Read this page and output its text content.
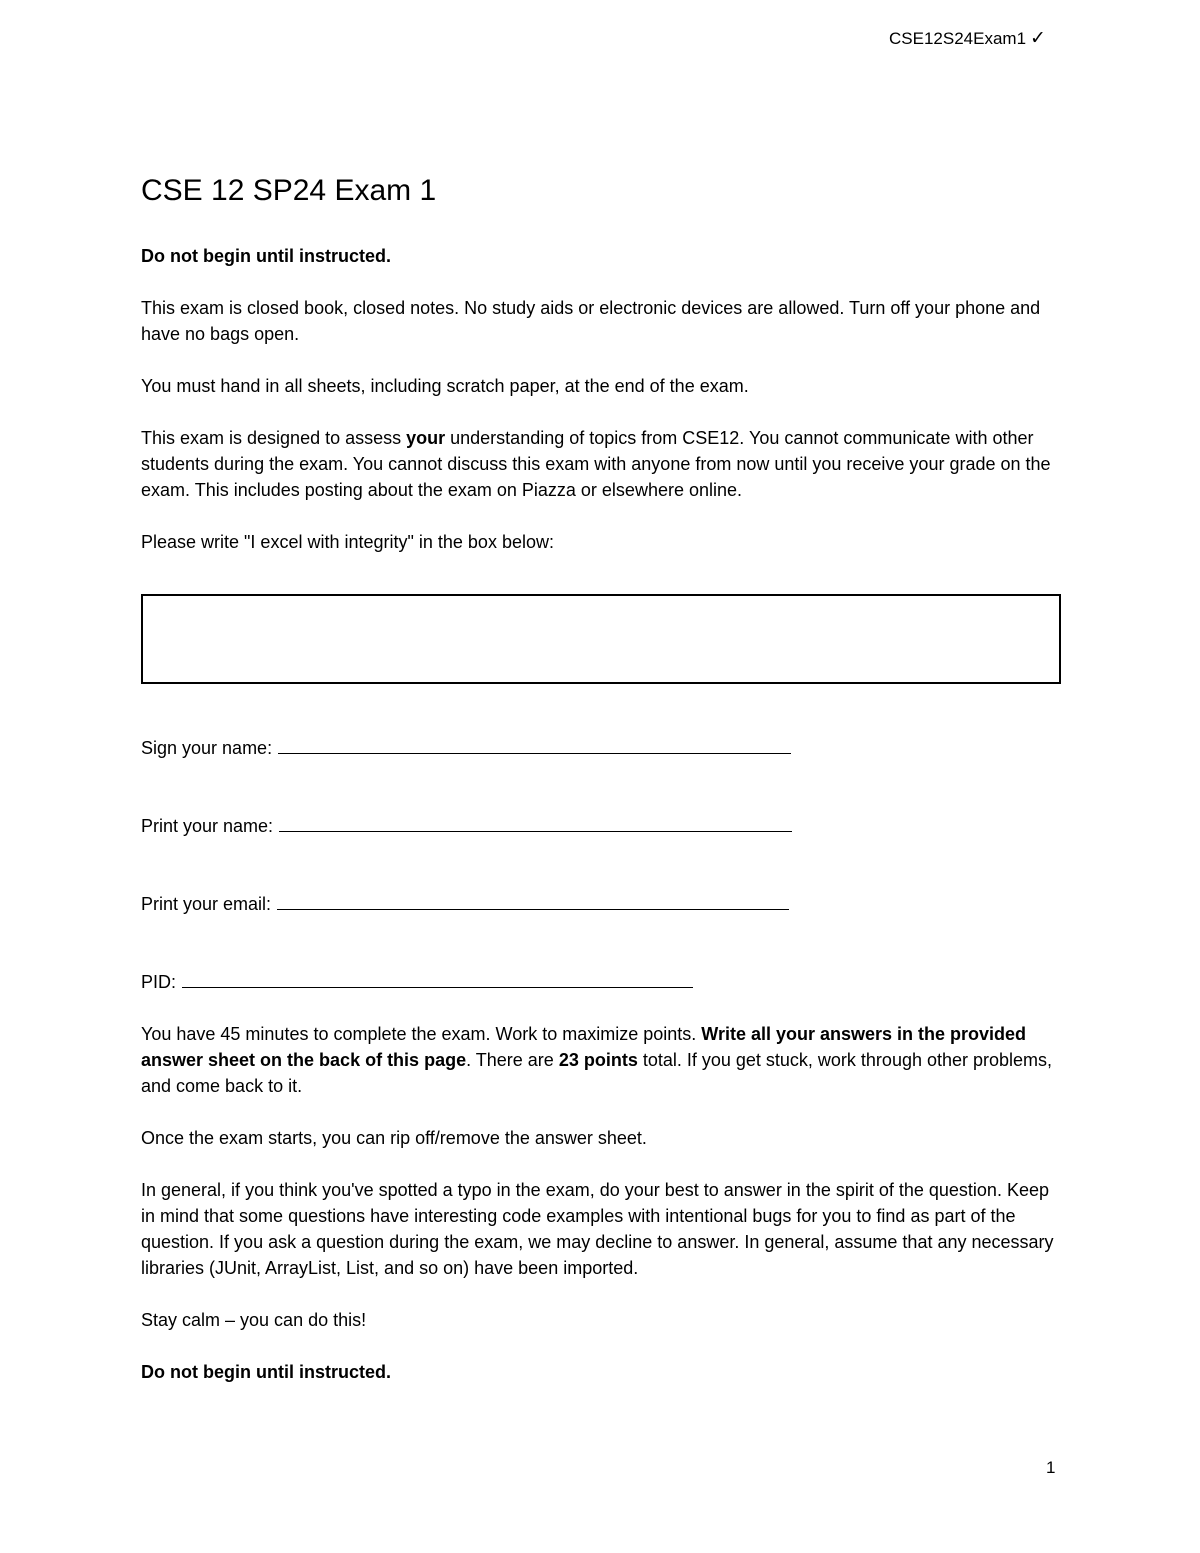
CSE12S24Exam1 ✓
CSE 12 SP24 Exam 1

Do not begin until instructed.

This exam is closed book, closed notes. No study aids or electronic devices are allowed. Turn off your phone and have no bags open.

You must hand in all sheets, including scratch paper, at the end of the exam.

This exam is designed to assess your understanding of topics from CSE12. You cannot communicate with other students during the exam. You cannot discuss this exam with anyone from now until you receive your grade on the exam. This includes posting about the exam on Piazza or elsewhere online.

Please write "I excel with integrity" in the box below:

Sign your name:
Print your name:
Print your email:
PID:

You have 45 minutes to complete the exam. Work to maximize points. Write all your answers in the provided answer sheet on the back of this page. There are 23 points total. If you get stuck, work through other problems, and come back to it.

Once the exam starts, you can rip off/remove the answer sheet.

In general, if you think you've spotted a typo in the exam, do your best to answer in the spirit of the question. Keep in mind that some questions have interesting code examples with intentional bugs for you to find as part of the question. If you ask a question during the exam, we may decline to answer. In general, assume that any necessary libraries (JUnit, ArrayList, List, and so on) have been imported.

Stay calm – you can do this!

Do not begin until instructed.

1
